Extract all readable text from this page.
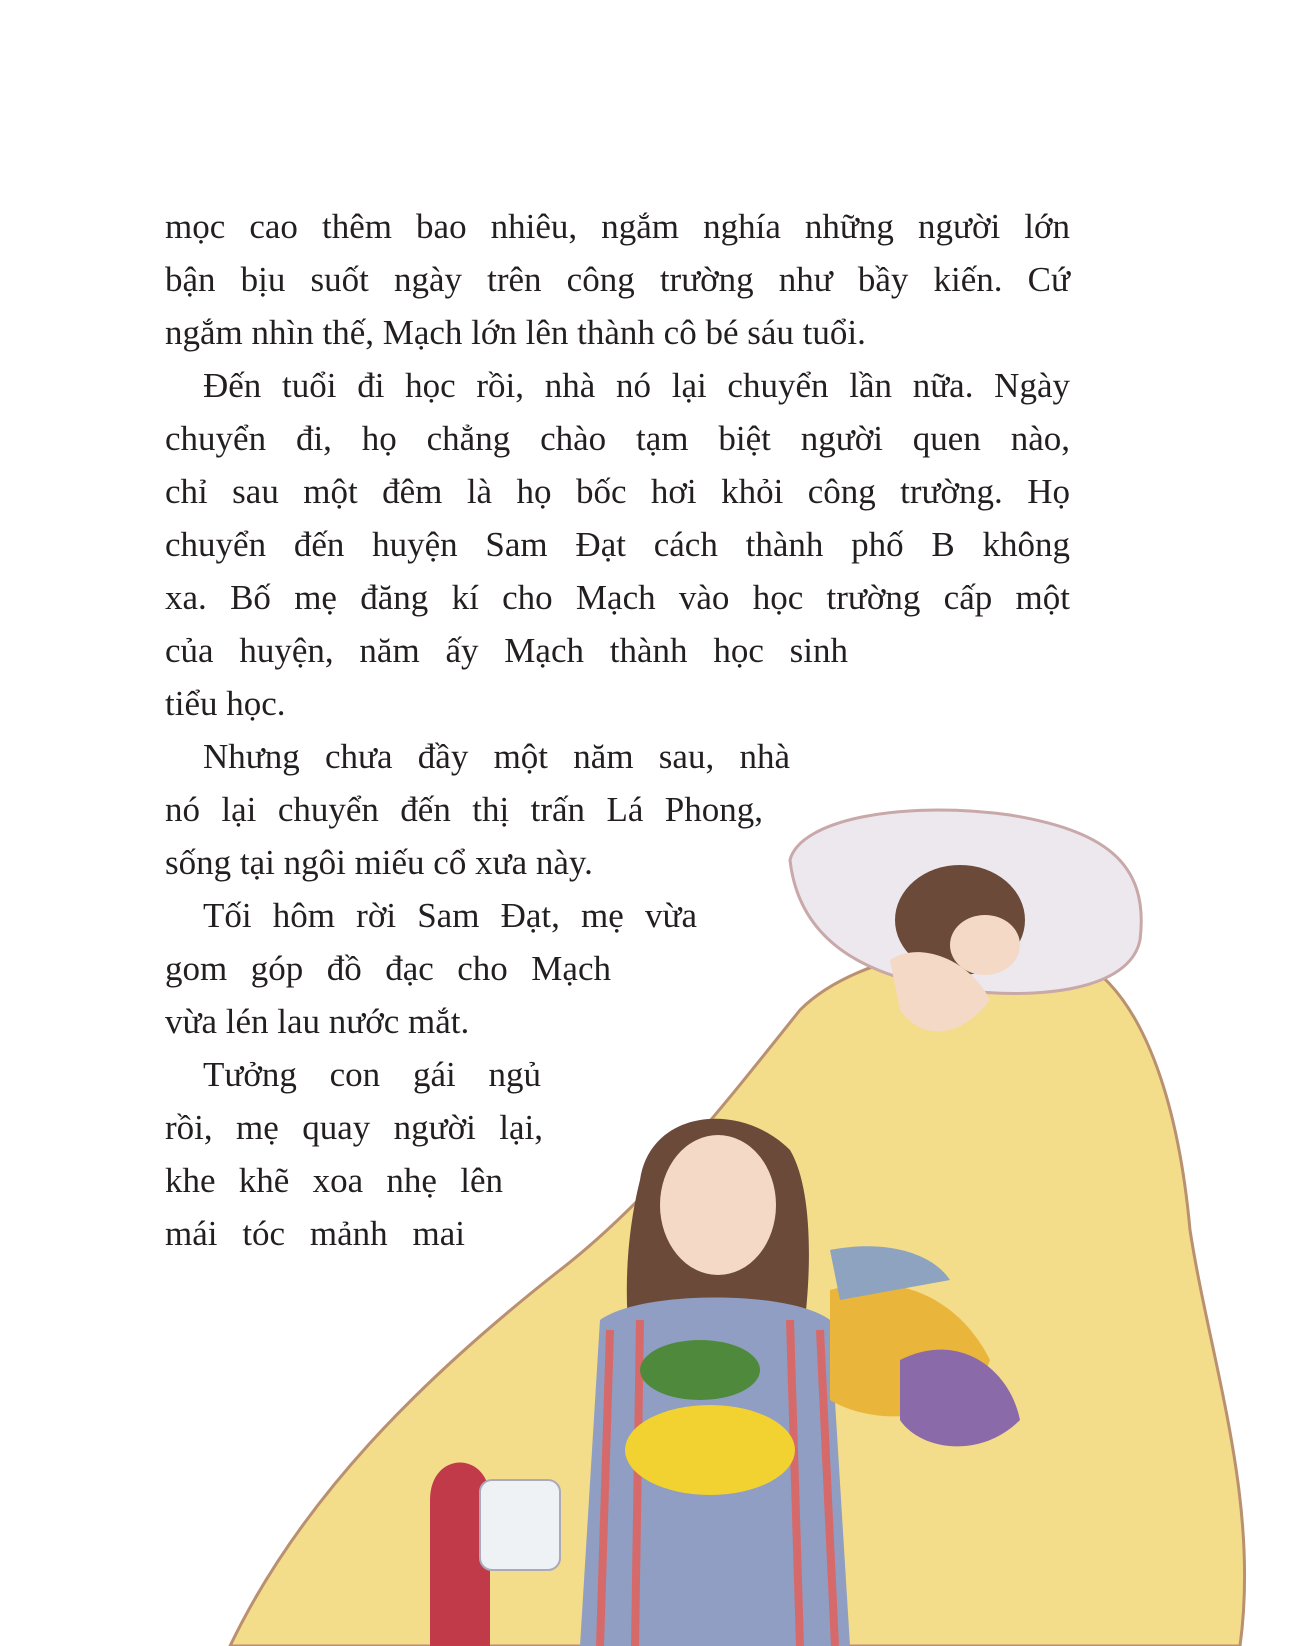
mọc cao thêm bao nhiêu, ngắm nghía những người lớn
bận bịu suốt ngày trên công trường như bầy kiến. Cứ
ngắm nhìn thế, Mạch lớn lên thành cô bé sáu tuổi.
Đến tuổi đi học rồi, nhà nó lại chuyển lần nữa. Ngày
chuyển đi, họ chẳng chào tạm biệt người quen nào,
chỉ sau một đêm là họ bốc hơi khỏi công trường. Họ
chuyển đến huyện Sam Đạt cách thành phố B không
xa. Bố mẹ đăng kí cho Mạch vào học trường cấp một
của huyện, năm ấy Mạch thành học sinh
tiểu học.
Nhưng chưa đầy một năm sau, nhà
nó lại chuyển đến thị trấn Lá Phong,
sống tại ngôi miếu cổ xưa này.
Tối hôm rời Sam Đạt, mẹ vừa
gom góp đồ đạc cho Mạch
vừa lén lau nước mắt.
Tưởng con gái ngủ
rồi, mẹ quay người lại,
khe khẽ xoa nhẹ lên
mái tóc mảnh mai
